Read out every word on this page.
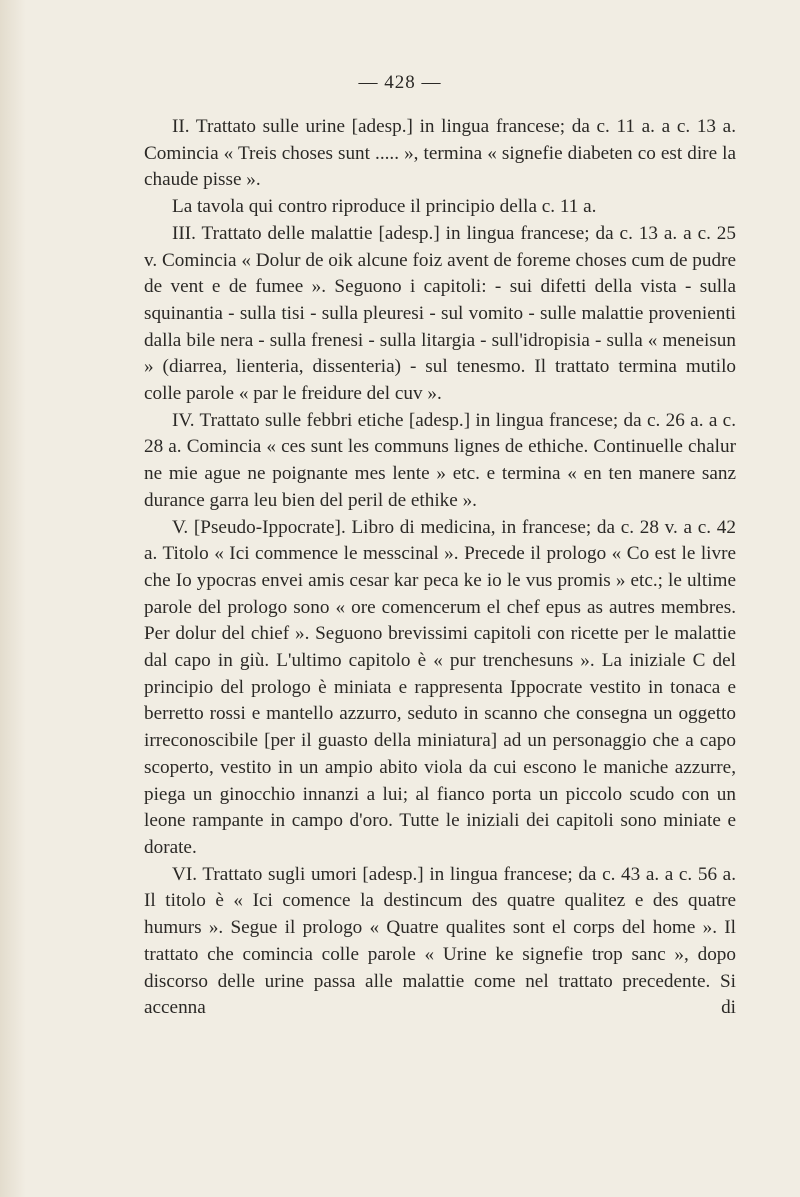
— 428 —

II. Trattato sulle urine [adesp.] in lingua francese; da c. 11 a. a c. 13 a. Comincia « Treis choses sunt ..... », termina « signefie diabeten co est dire la chaude pisse ».

La tavola qui contro riproduce il principio della c. 11 a.

III. Trattato delle malattie [adesp.] in lingua francese; da c. 13 a. a c. 25 v. Comincia « Dolur de oik alcune foiz avent de foreme choses cum de pudre de vent e de fumee ». Seguono i capitoli: - sui difetti della vista - sulla squinantia - sulla tisi - sulla pleuresi - sul vomito - sulle malattie provenienti dalla bile nera - sulla frenesi - sulla litargia - sull'idropisia - sulla « meneisun » (diarrea, lienteria, dissenteria) - sul tenesmo. Il trattato termina mutilo colle parole « par le freidure del cuv ».

IV. Trattato sulle febbri etiche [adesp.] in lingua francese; da c. 26 a. a c. 28 a. Comincia « ces sunt les communs lignes de ethiche. Continuelle chalur ne mie ague ne poignante mes lente » etc. e termina « en ten manere sanz durance garra leu bien del peril de ethike ».

V. [Pseudo-Ippocrate]. Libro di medicina, in francese; da c. 28 v. a c. 42 a. Titolo « Ici commence le messcinal ». Precede il prologo « Co est le livre che Io ypocras envei amis cesar kar peca ke io le vus promis » etc.; le ultime parole del prologo sono « ore comencerum el chef epus as autres membres. Per dolur del chief ». Seguono brevissimi capitoli con ricette per le malattie dal capo in giù. L'ultimo capitolo è « pur trenchesuns ». La iniziale C del principio del prologo è miniata e rappresenta Ippocrate vestito in tonaca e berretto rossi e mantello azzurro, seduto in scanno che consegna un oggetto irreconoscibile [per il guasto della miniatura] ad un personaggio che a capo scoperto, vestito in un ampio abito viola da cui escono le maniche azzurre, piega un ginocchio innanzi a lui; al fianco porta un piccolo scudo con un leone rampante in campo d'oro. Tutte le iniziali dei capitoli sono miniate e dorate.

VI. Trattato sugli umori [adesp.] in lingua francese; da c. 43 a. a c. 56 a. Il titolo è « Ici comence la destincum des quatre qualitez e des quatre humurs ». Segue il prologo « Quatre qualites sont el corps del home ». Il trattato che comincia colle parole « Urine ke signefie trop sanc », dopo discorso delle urine passa alle malattie come nel trattato precedente. Si accenna di
